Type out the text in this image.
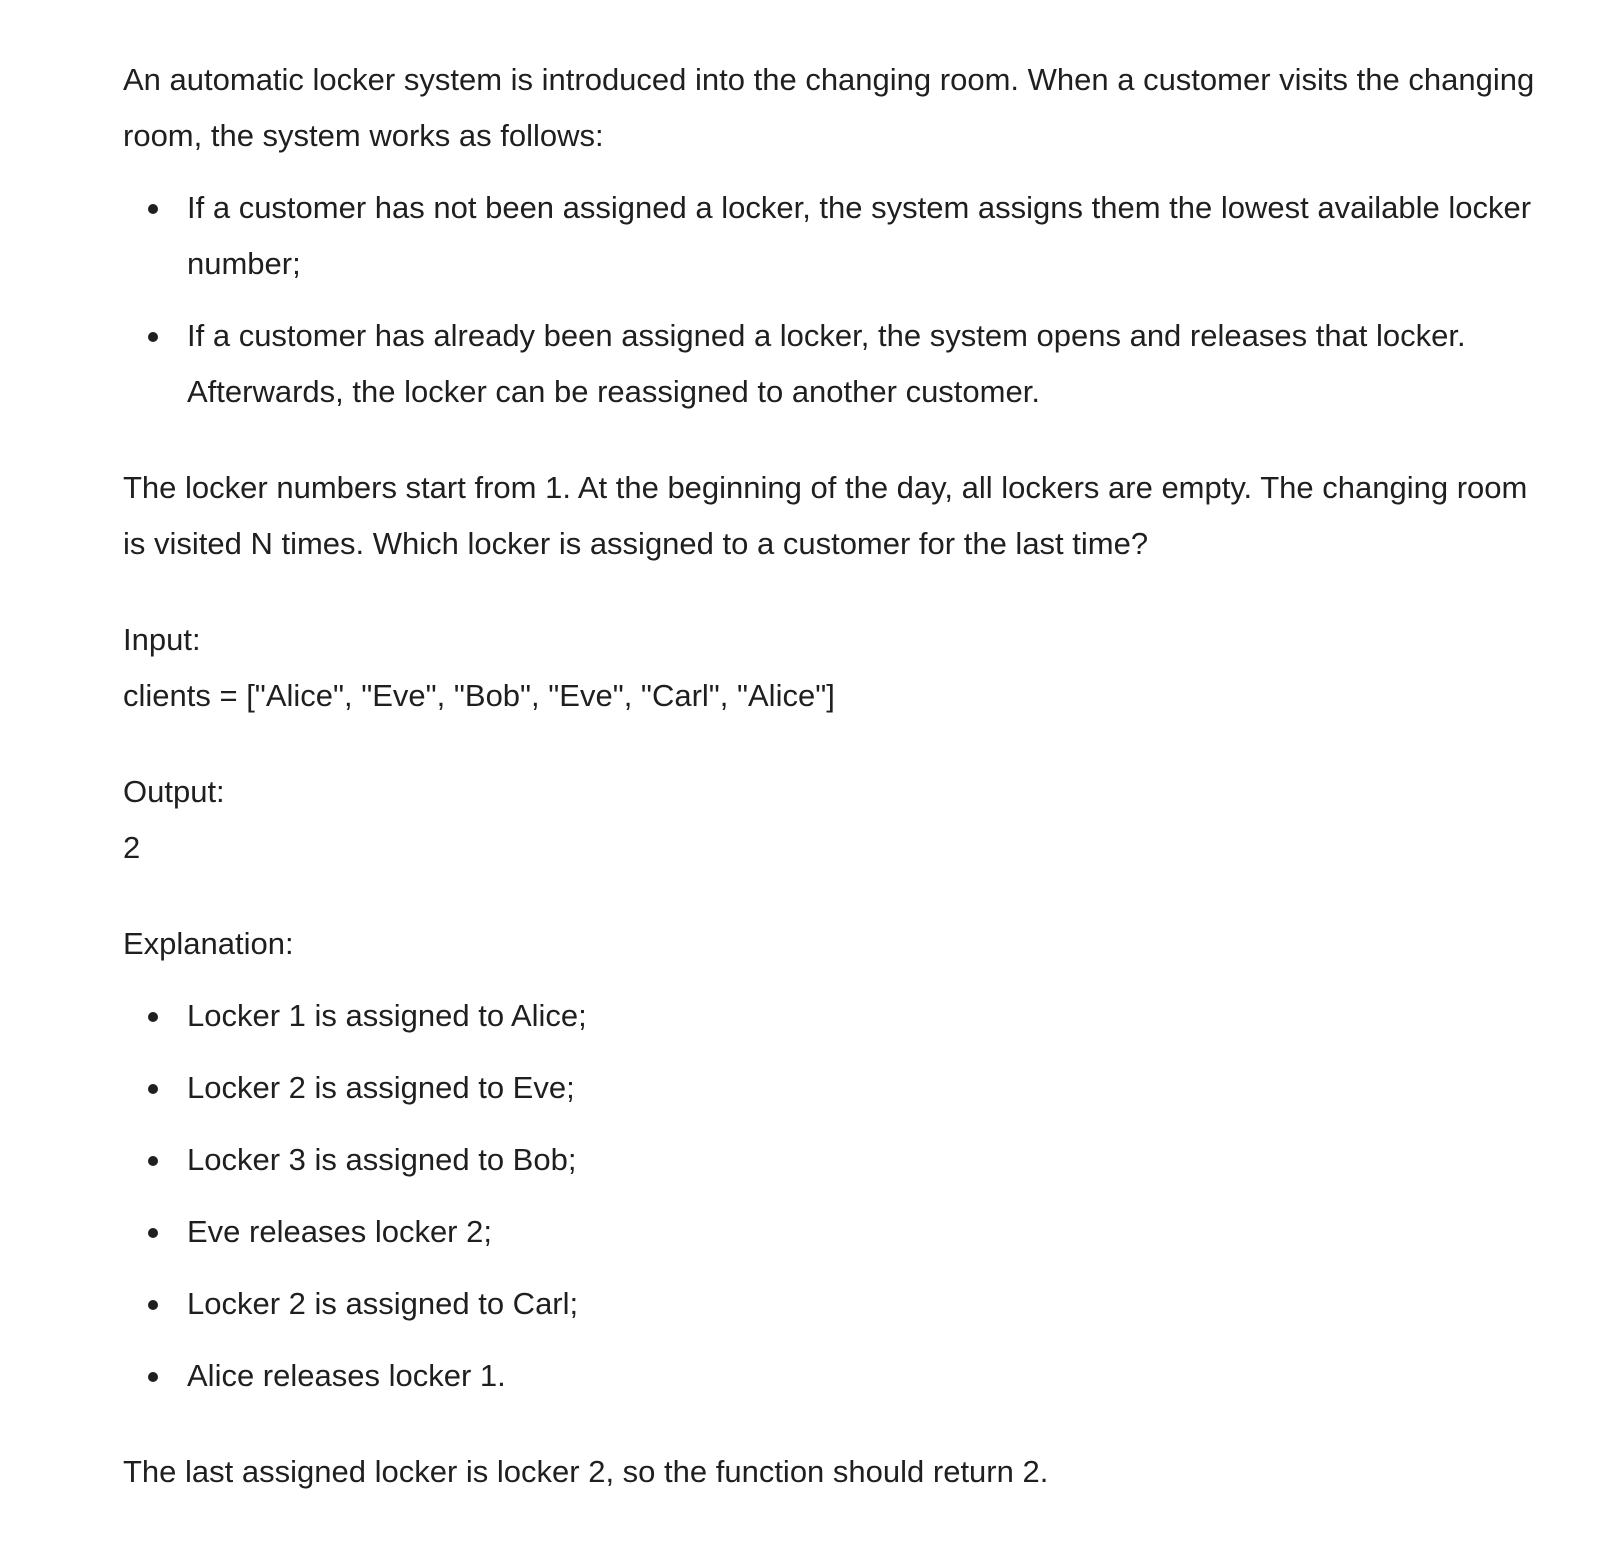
An automatic locker system is introduced into the changing room. When a customer visits the changing room, the system works as follows:

If a customer has not been assigned a locker, the system assigns them the lowest available locker number;
If a customer has already been assigned a locker, the system opens and releases that locker. Afterwards, the locker can be reassigned to another customer.

The locker numbers start from 1. At the beginning of the day, all lockers are empty. The changing room is visited N times. Which locker is assigned to a customer for the last time?

Input:

clients = ["Alice", "Eve", "Bob", "Eve", "Carl", "Alice"]

Output:

2

Explanation:

Locker 1 is assigned to Alice;
Locker 2 is assigned to Eve;
Locker 3 is assigned to Bob;
Eve releases locker 2;
Locker 2 is assigned to Carl;
Alice releases locker 1.

The last assigned locker is locker 2, so the function should return 2.
